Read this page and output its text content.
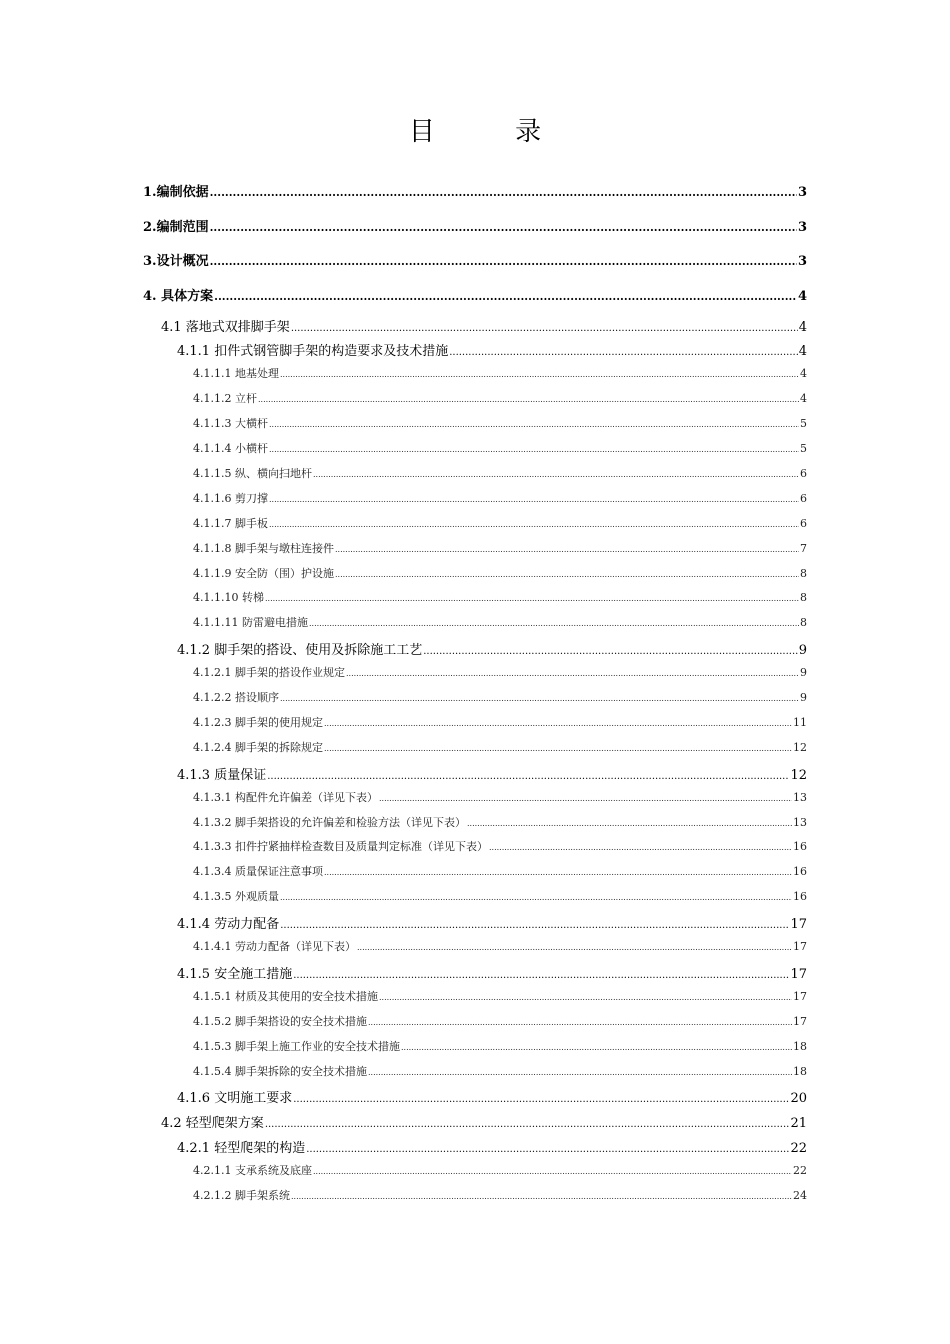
目 录
1.编制依据 .....	3
2.编制范围 .....	3
3.设计概况 .....	3
4. 具体方案 .....	4
4.1 落地式双排脚手架 .....	4
4.1.1 扣件式钢管脚手架的构造要求及技术措施 .....	4
4.1.1.1 地基处理 .....	4
4.1.1.2 立杆 .....	4
4.1.1.3 大横杆 .....	5
4.1.1.4 小横杆 .....	5
4.1.1.5 纵、横向扫地杆 .....	6
4.1.1.6 剪刀撑 .....	6
4.1.1.7 脚手板 .....	6
4.1.1.8 脚手架与墩柱连接件 .....	7
4.1.1.9 安全防（围）护设施 .....	8
4.1.1.10 转梯 .....	8
4.1.1.11 防雷避电措施 .....	8
4.1.2 脚手架的搭设、使用及拆除施工工艺 .....	9
4.1.2.1 脚手架的搭设作业规定 .....	9
4.1.2.2 搭设顺序 .....	9
4.1.2.3 脚手架的使用规定 .....	11
4.1.2.4 脚手架的拆除规定 .....	12
4.1.3 质量保证 .....	12
4.1.3.1 构配件允许偏差（详见下表） .....	13
4.1.3.2 脚手架搭设的允许偏差和检验方法（详见下表） .....	13
4.1.3.3 扣件拧紧抽样检查数目及质量判定标准（详见下表） .....	16
4.1.3.4 质量保证注意事项 .....	16
4.1.3.5 外观质量 .....	16
4.1.4 劳动力配备 .....	17
4.1.4.1 劳动力配备（详见下表） .....	17
4.1.5 安全施工措施 .....	17
4.1.5.1 材质及其使用的安全技术措施 .....	17
4.1.5.2 脚手架搭设的安全技术措施 .....	17
4.1.5.3 脚手架上施工作业的安全技术措施 .....	18
4.1.5.4 脚手架拆除的安全技术措施 .....	18
4.1.6 文明施工要求 .....	20
4.2 轻型爬架方案 .....	21
4.2.1 轻型爬架的构造 .....	22
4.2.1.1 支承系统及底座 .....	22
4.2.1.2 脚手架系统 .....	24
